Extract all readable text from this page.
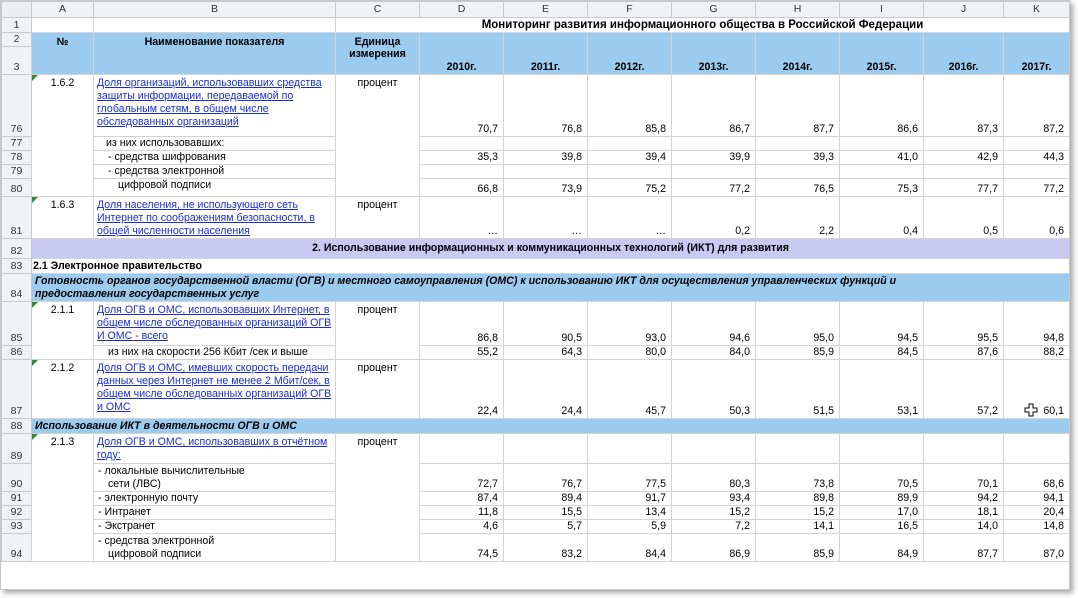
	A	B	C	D	E	F	G	H	I	J	K
1			Мониторинг развития информационного общества в Российской Федерации								
2	№	Наименование показателя	Единица измерения	2010г.	2011г.	2012г.	2013г.	2014г.	2015г.	2016г.	2017г.
3											
76	1.6.2	Доля организаций, использовавших средства защиты информации, передаваемой по глобальным сетям, в общем числе обследованных организаций	процент	70,7	76,8	85,8	86,7	87,7	86,6	87,3	87,2
77		из них использовавших:									
78		- средства шифрования		35,3	39,8	39,4	39,9	39,3	41,0	42,9	44,3
79		- средства электронной									
80		цифровой подписи		66,8	73,9	75,2	77,2	76,5	75,3	77,7	77,2
81	1.6.3	Доля населения, не использующего сеть Интернет по соображениям безопасности, в общей численности населения	процент	…	…	…	0,2	2,2	0,4	0,5	0,6
82	2. Использование информационных и коммуникационных технологий (ИКТ) для развития										
83	2.1 Электронное правительство										
84	Готовность органов государственной власти (ОГВ) и местного самоуправления (ОМС) к использованию ИКТ для осуществления управленческих функций и предоставления государственных услуг										
85	2.1.1	Доля ОГВ и ОМС, использовавших Интернет, в общем числе обследованных организаций ОГВ И ОМС - всего	процент	86,8	90,5	93,0	94,6	95,0	94,5	95,5	94,8
86		из них на скорости 256 Кбит /сек и выше		55,2	64,3	80,0	84,0	85,9	84,5	87,6	88,2
87	2.1.2	Доля ОГВ и ОМС, имевших скорость передачи данных через Интернет не менее 2 Мбит/сек, в общем числе обследованных организаций ОГВ и ОМС	процент	22,4	24,4	45,7	50,3	51,5	53,1	57,2	60,1
88	Использование ИКТ в деятельности ОГВ и ОМС										
89	2.1.3	Доля ОГВ и ОМС, использовавших в отчётном году:	процент								
90		- локальные вычислительные
сети (ЛВС)		72,7	76,7	77,5	80,3	73,8	70,5	70,1	68,6
91		- электронную почту		87,4	89,4	91,7	93,4	89,8	89,9	94,2	94,1
92		- Интранет		11,8	15,5	13,4	15,2	15,2	17,0	18,1	20,4
93		- Экстранет		4,6	5,7	5,9	7,2	14,1	16,5	14,0	14,8
94		- средства электронной
цифровой подписи		74,5	83,2	84,4	86,9	85,9	84,9	87,7	87,0
